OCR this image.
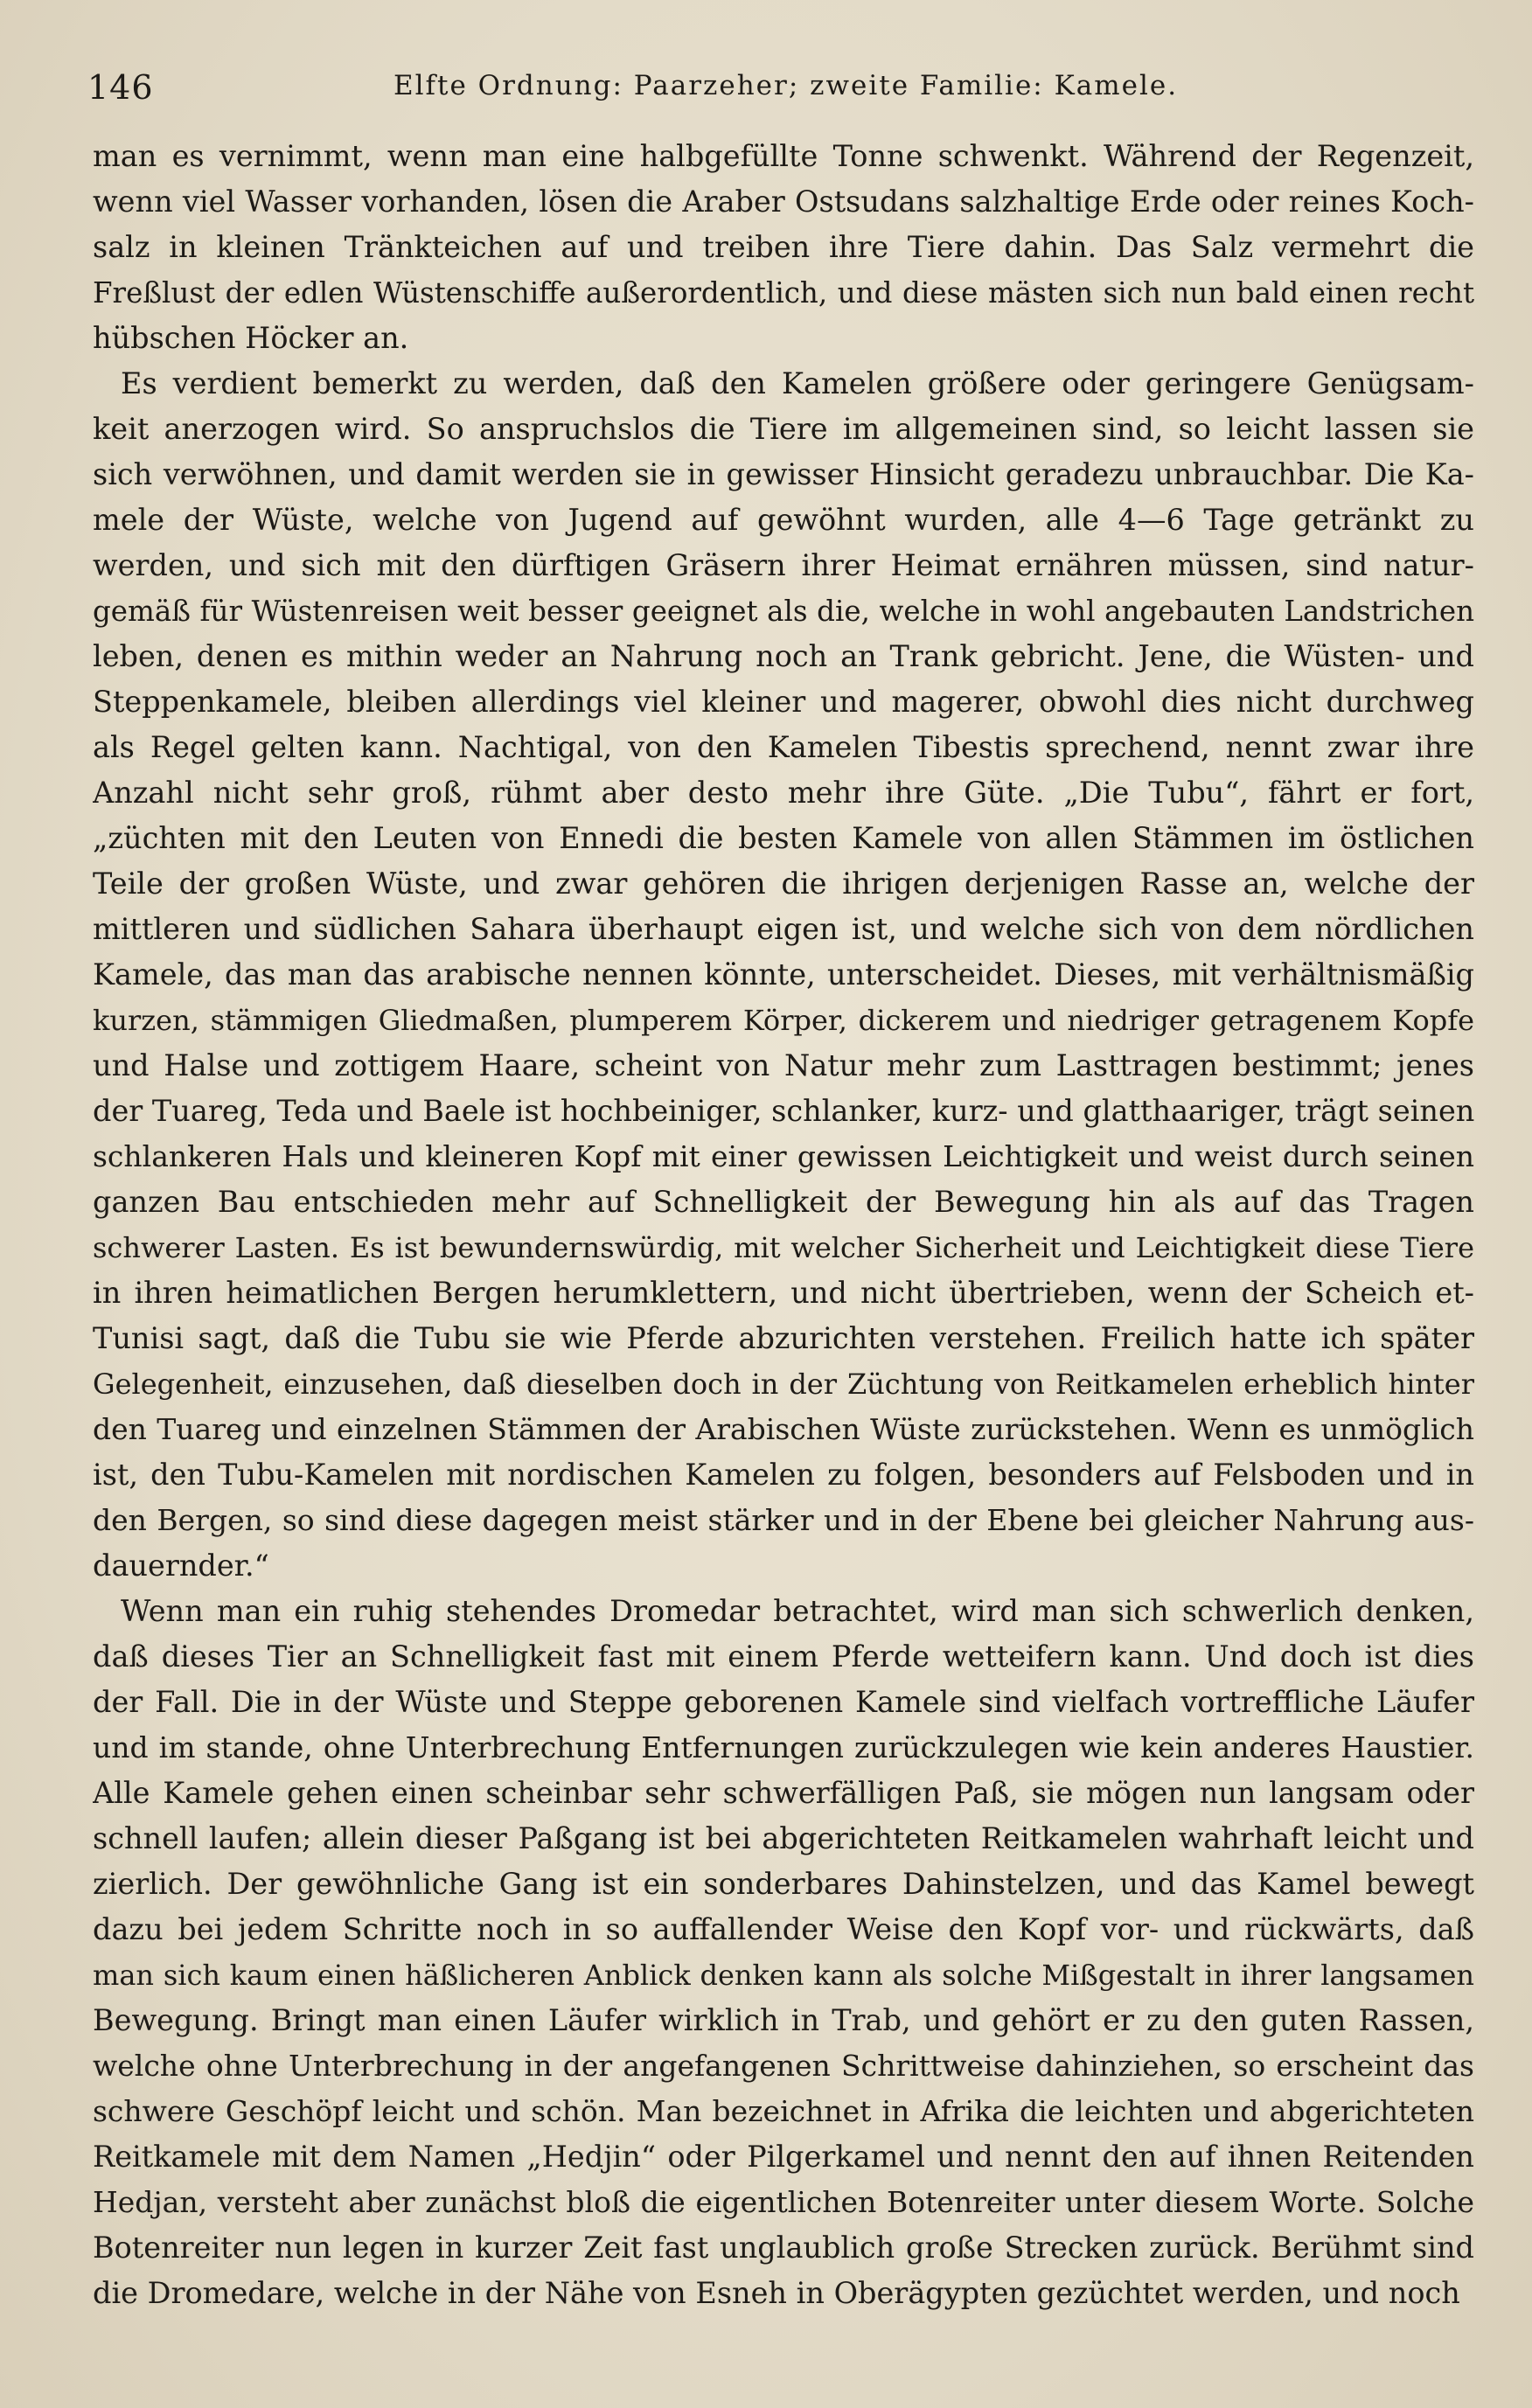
146	Elfte Ordnung: Paarzeher; zweite Familie: Kamele.
man es vernimmt, wenn man eine halbgefüllte Tonne schwenkt. Während der Regenzeit,
wenn viel Wasser vorhanden, lösen die Araber Ostsudans salzhaltige Erde oder reines Koch-
salz in kleinen Tränkteichen auf und treiben ihre Tiere dahin. Das Salz vermehrt die
Freßlust der edlen Wüstenschiffe außerordentlich, und diese mästen sich nun bald einen recht
hübschen Höcker an.
Es verdient bemerkt zu werden, daß den Kamelen größere oder geringere Genügsam-
keit anerzogen wird. So anspruchslos die Tiere im allgemeinen sind, so leicht lassen sie
sich verwöhnen, und damit werden sie in gewisser Hinsicht geradezu unbrauchbar. Die Ka-
mele der Wüste, welche von Jugend auf gewöhnt wurden, alle 4—6 Tage getränkt zu
werden, und sich mit den dürftigen Gräsern ihrer Heimat ernähren müssen, sind natur-
gemäß für Wüstenreisen weit besser geeignet als die, welche in wohl angebauten Landstrichen
leben, denen es mithin weder an Nahrung noch an Trank gebricht. Jene, die Wüsten- und
Steppenkamele, bleiben allerdings viel kleiner und magerer, obwohl dies nicht durchweg
als Regel gelten kann. Nachtigal, von den Kamelen Tibestis sprechend, nennt zwar ihre
Anzahl nicht sehr groß, rühmt aber desto mehr ihre Güte. „Die Tubu“, fährt er fort,
„züchten mit den Leuten von Ennedi die besten Kamele von allen Stämmen im östlichen
Teile der großen Wüste, und zwar gehören die ihrigen derjenigen Rasse an, welche der
mittleren und südlichen Sahara überhaupt eigen ist, und welche sich von dem nördlichen
Kamele, das man das arabische nennen könnte, unterscheidet. Dieses, mit verhältnismäßig
kurzen, stämmigen Gliedmaßen, plumperem Körper, dickerem und niedriger getragenem Kopfe
und Halse und zottigem Haare, scheint von Natur mehr zum Lasttragen bestimmt; jenes
der Tuareg, Teda und Baele ist hochbeiniger, schlanker, kurz- und glatthaariger, trägt seinen
schlankeren Hals und kleineren Kopf mit einer gewissen Leichtigkeit und weist durch seinen
ganzen Bau entschieden mehr auf Schnelligkeit der Bewegung hin als auf das Tragen
schwerer Lasten. Es ist bewundernswürdig, mit welcher Sicherheit und Leichtigkeit diese Tiere
in ihren heimatlichen Bergen herumklettern, und nicht übertrieben, wenn der Scheich et-
Tunisi sagt, daß die Tubu sie wie Pferde abzurichten verstehen. Freilich hatte ich später
Gelegenheit, einzusehen, daß dieselben doch in der Züchtung von Reitkamelen erheblich hinter
den Tuareg und einzelnen Stämmen der Arabischen Wüste zurückstehen. Wenn es unmöglich
ist, den Tubu-Kamelen mit nordischen Kamelen zu folgen, besonders auf Felsboden und in
den Bergen, so sind diese dagegen meist stärker und in der Ebene bei gleicher Nahrung aus-
dauernder.“
Wenn man ein ruhig stehendes Dromedar betrachtet, wird man sich schwerlich denken,
daß dieses Tier an Schnelligkeit fast mit einem Pferde wetteifern kann. Und doch ist dies
der Fall. Die in der Wüste und Steppe geborenen Kamele sind vielfach vortreffliche Läufer
und im stande, ohne Unterbrechung Entfernungen zurückzulegen wie kein anderes Haustier.
Alle Kamele gehen einen scheinbar sehr schwerfälligen Paß, sie mögen nun langsam oder
schnell laufen; allein dieser Paßgang ist bei abgerichteten Reitkamelen wahrhaft leicht und
zierlich. Der gewöhnliche Gang ist ein sonderbares Dahinstelzen, und das Kamel bewegt
dazu bei jedem Schritte noch in so auffallender Weise den Kopf vor- und rückwärts, daß
man sich kaum einen häßlicheren Anblick denken kann als solche Mißgestalt in ihrer langsamen
Bewegung. Bringt man einen Läufer wirklich in Trab, und gehört er zu den guten Rassen,
welche ohne Unterbrechung in der angefangenen Schrittweise dahinziehen, so erscheint das
schwere Geschöpf leicht und schön. Man bezeichnet in Afrika die leichten und abgerichteten
Reitkamele mit dem Namen „Hedjin“ oder Pilgerkamel und nennt den auf ihnen Reitenden
Hedjan, versteht aber zunächst bloß die eigentlichen Botenreiter unter diesem Worte. Solche
Botenreiter nun legen in kurzer Zeit fast unglaublich große Strecken zurück. Berühmt sind
die Dromedare, welche in der Nähe von Esneh in Oberägypten gezüchtet werden, und noch
